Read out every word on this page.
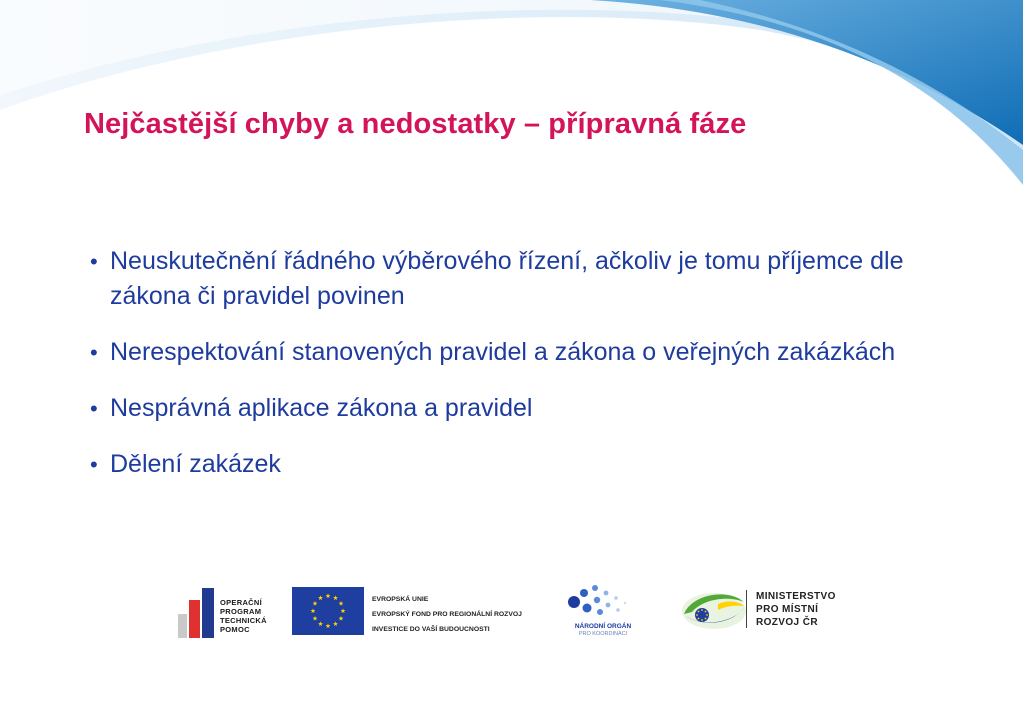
Nejčastější chyby a nedostatky – přípravná fáze
• Neuskutečnění řádného výběrového řízení, ačkoliv je tomu příjemce dle zákona či pravidel povinen
• Nerespektování stanovených pravidel a zákona o veřejných zakázkách
• Nesprávná aplikace zákona a pravidel
• Dělení zakázek
OPERAČNÍ
PROGRAM
TECHNICKÁ
POMOC
EVROPSKÁ UNIE
EVROPSKÝ FOND PRO REGIONÁLNÍ ROZVOJ
INVESTICE DO VAŠÍ BUDOUCNOSTI	NÁRODNÍ ORGÁN
PRO KOORDINACI
MINISTERSTVO
PRO MÍSTNÍ
ROZVOJ ČR
